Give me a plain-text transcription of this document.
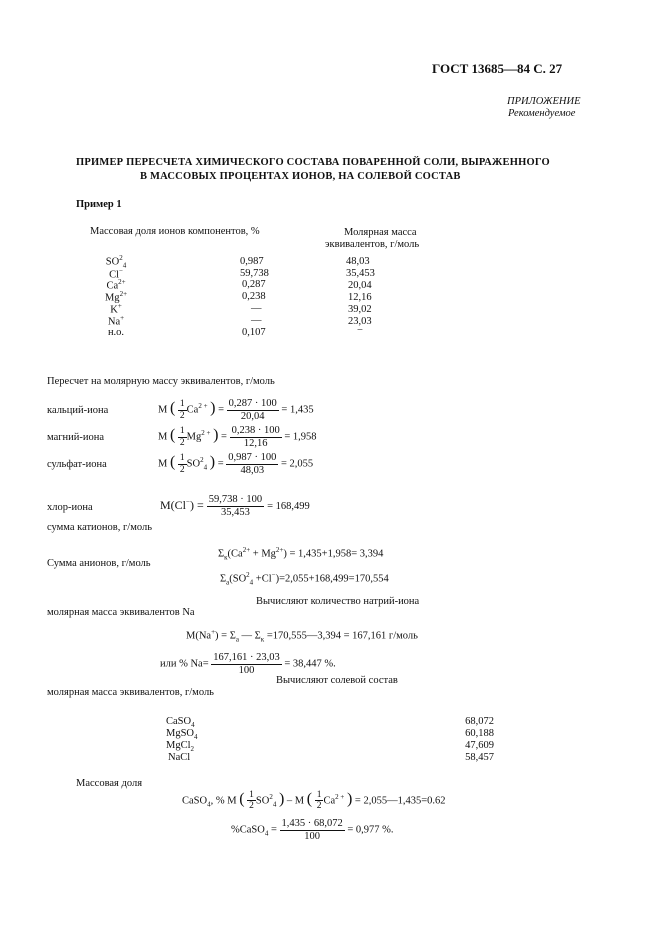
ГОСТ 13685—84 С. 27
ПРИЛОЖЕНИЕ
Рекомендуемое
ПРИМЕР ПЕРЕСЧЕТА ХИМИЧЕСКОГО СОСТАВА ПОВАРЕННОЙ СОЛИ, ВЫРАЖЕННОГО
В МАССОВЫХ ПРОЦЕНТАХ ИОНОВ, НА СОЛЕВОЙ СОСТАВ
Пример 1
Массовая доля ионов компонентов, %	Молярная масса
эквивалентов, г/моль
$SO^2_4$	0,987	48,03
Cl−	59,738	35,453
$Ca^{2+}$	0,287	20,04
$Mg^{2+}$	0,238	12,16
K+	—	39,02
Na+	—	23,03
н.о.	0,107	−
Пересчет на молярную массу эквивалентов, г/моль
кальций-иона	M ( $\frac{1}{2} Ca^{2 +}$ ) = $\frac{0,287 \cdot 100}{20,04} = 1,435$
магний-иона	M ( $\frac{1}{2} Mg^{2 +}$ ) = $\frac{0,238 \cdot 100}{12,16} = 1,958$
сульфат-иона	M ( $\frac{1}{2} SO^2_4$ ) = $\frac{0,987 \cdot 100}{48,03} = 2,055$
хлор-иона	$M(Cl^-) = \frac{59,738 \cdot 100}{35,453} = 168,499$
сумма катионов, г/моль
$\Sigma_к(Ca^{2+} + Mg^{2+}) = 1,435+1,958= 3,394$
Сумма анионов, г/моль
$\Sigma_а(SO^2_4 +Cl^-)=2,055+168,499=170,554$
Вычисляют количество натрий-иона
молярная масса эквивалентов Na
$M(Na^+) = \Sigma_а$ — $\Sigma_к$ =170,555—3,394 = 167,161 г/моль
или % $Na= \frac{167,161 \cdot 23,03}{100} = 38,447$ %.
Вычисляют солевой состав
молярная масса эквивалентов, г/моль
CaSO$_4$	68,072
MgSO$_4$	60,188
MgCl$_2$	47,609
NaCl	58,457
Массовая доля
CaSO$_4$, % M ( $\frac{1}{2} SO^2_4$ ) – M ( $\frac{1}{2} Ca^{2 +}$ ) = 2,055—1,435=0.62
%CaSO$_4$ = $\frac{1,435 \cdot 68,072}{100} = 0,977$ %.
